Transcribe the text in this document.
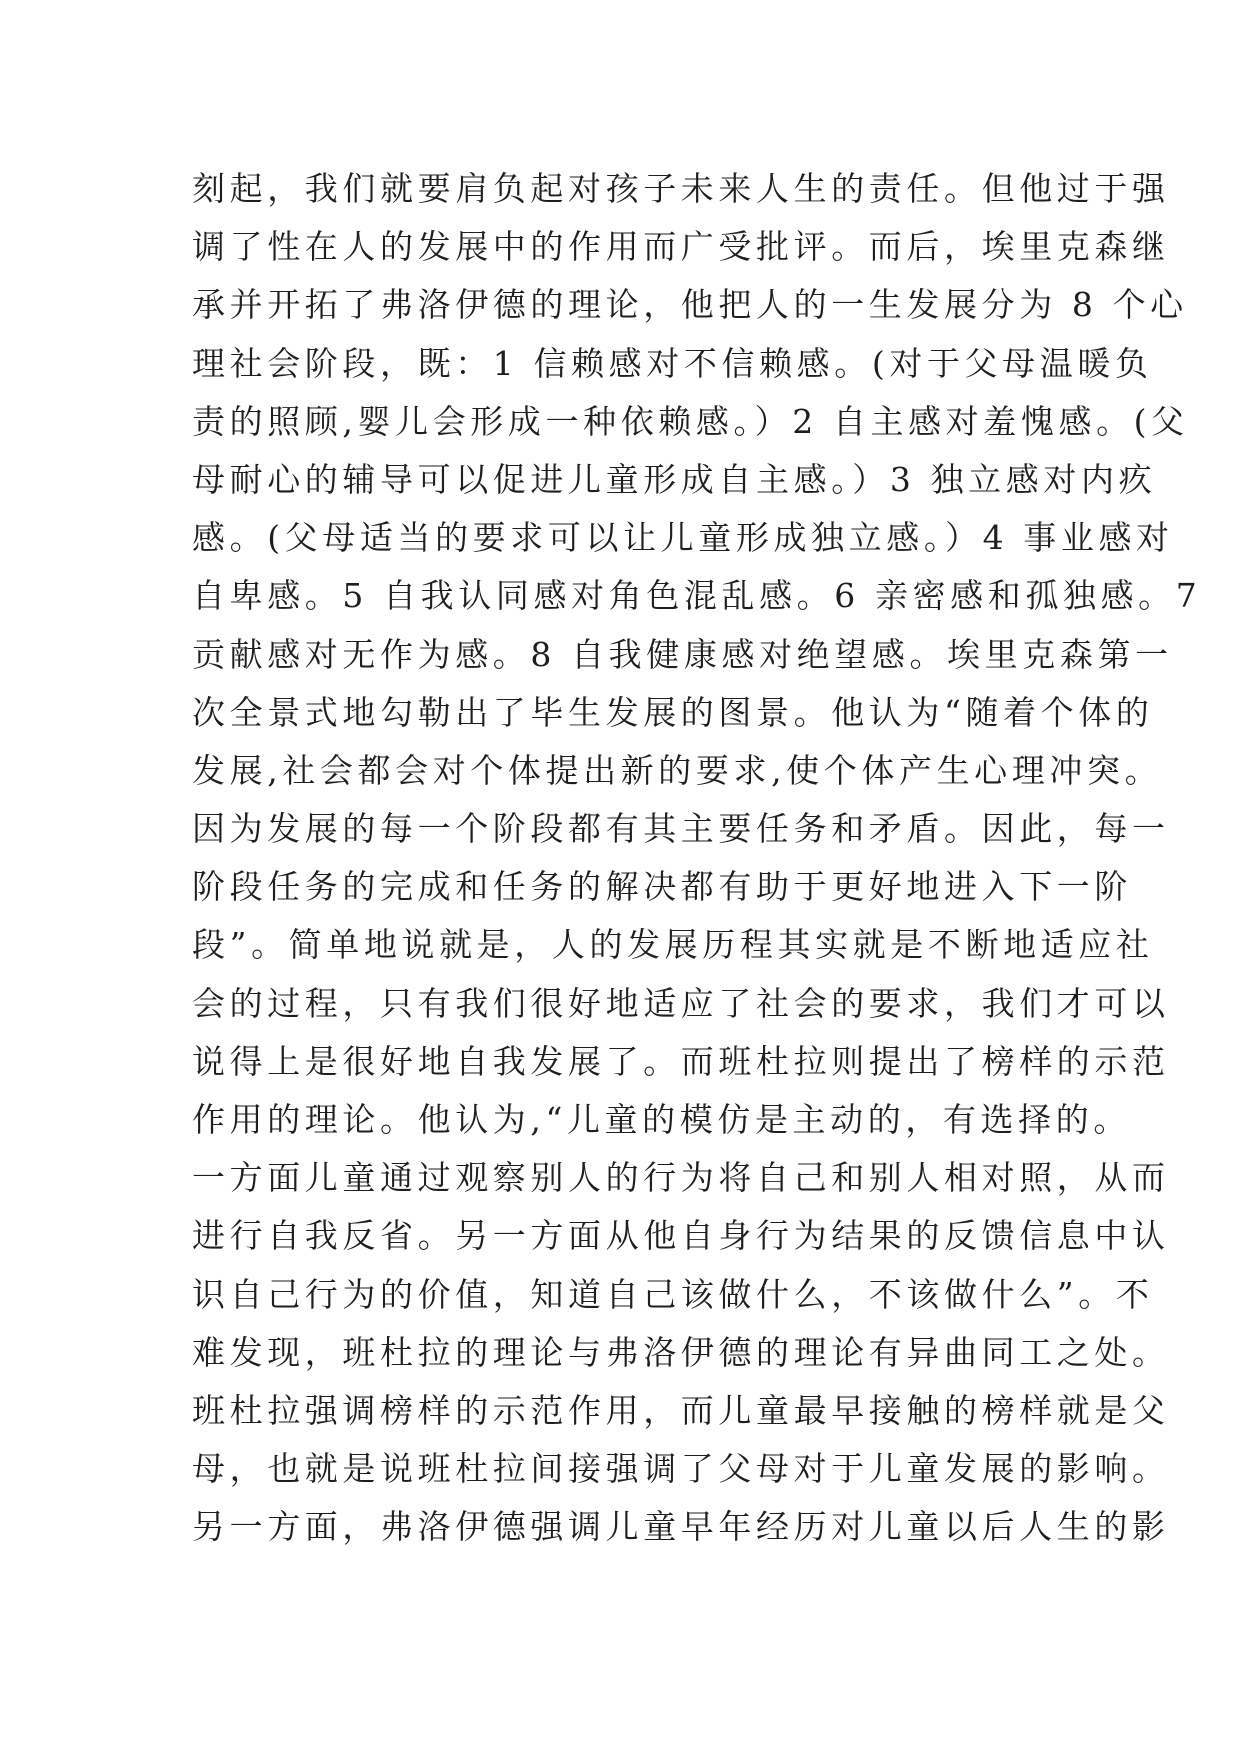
刻起，我们就要肩负起对孩子未来人生的责任。但他过于强
调了性在人的发展中的作用而广受批评。而后，埃里克森继
承并开拓了弗洛伊德的理论，他把人的一生发展分为 8 个心
理社会阶段，既：1 信赖感对不信赖感。(对于父母温暖负
责的照顾,婴儿会形成一种依赖感。）2 自主感对羞愧感。(父
母耐心的辅导可以促进儿童形成自主感。）3 独立感对内疚
感。(父母适当的要求可以让儿童形成独立感。）4 事业感对
自卑感。5 自我认同感对角色混乱感。6 亲密感和孤独感。7
贡献感对无作为感。8 自我健康感对绝望感。埃里克森第一
次全景式地勾勒出了毕生发展的图景。他认为“随着个体的
发展,社会都会对个体提出新的要求,使个体产生心理冲突。
因为发展的每一个阶段都有其主要任务和矛盾。因此，每一
阶段任务的完成和任务的解决都有助于更好地进入下一阶
段”。简单地说就是，人的发展历程其实就是不断地适应社
会的过程，只有我们很好地适应了社会的要求，我们才可以
说得上是很好地自我发展了。而班杜拉则提出了榜样的示范
作用的理论。他认为,“儿童的模仿是主动的，有选择的。
一方面儿童通过观察别人的行为将自己和别人相对照，从而
进行自我反省。另一方面从他自身行为结果的反馈信息中认
识自己行为的价值，知道自己该做什么，不该做什么”。不
难发现，班杜拉的理论与弗洛伊德的理论有异曲同工之处。
班杜拉强调榜样的示范作用，而儿童最早接触的榜样就是父
母，也就是说班杜拉间接强调了父母对于儿童发展的影响。
另一方面，弗洛伊德强调儿童早年经历对儿童以后人生的影
